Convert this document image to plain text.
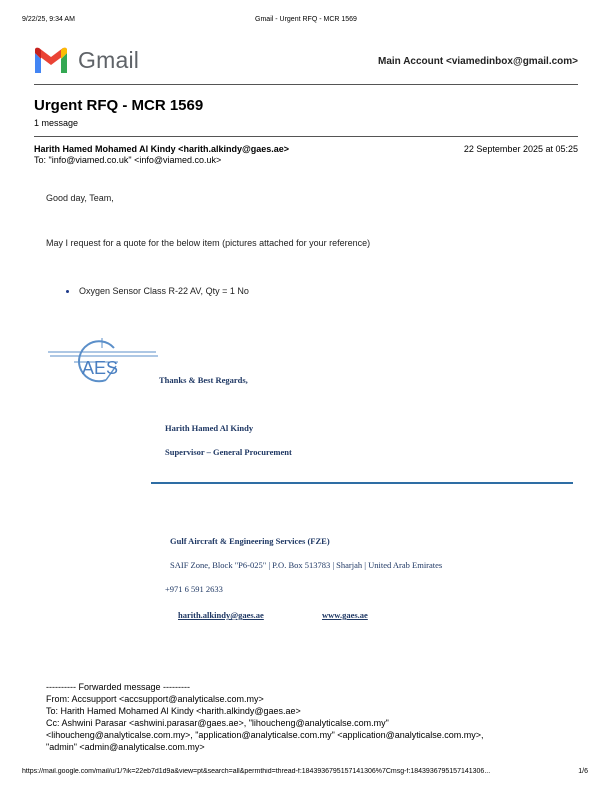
9/22/25, 9:34 AM	Gmail - Urgent RFQ - MCR 1569
Gmail	Main Account <viamedinbox@gmail.com>
Urgent RFQ - MCR 1569
1 message
Harith Hamed Mohamed Al Kindy <harith.alkindy@gaes.ae>	22 September 2025 at 05:25
To: "info@viamed.co.uk" <info@viamed.co.uk>
Good day, Team,
May I request for a quote for the below item (pictures attached for your reference)
Oxygen Sensor Class R-22 AV, Qty = 1 No
AES
Thanks & Best Regards,
Harith Hamed Al Kindy
Supervisor – General Procurement
Gulf Aircraft & Engineering Services (FZE)
SAIF Zone, Block "P6-025" | P.O. Box 513783 | Sharjah | United Arab Emirates
+971 6 591 2633
harith.alkindy@gaes.ae	www.gaes.ae
---------- Forwarded message ---------
From: Accsupport <accsupport@analyticalse.com.my>
To: Harith Hamed Mohamed Al Kindy <harith.alkindy@gaes.ae>
Cc: Ashwini Parasar <ashwini.parasar@gaes.ae>, "lihoucheng@analyticalse.com.my"
<lihoucheng@analyticalse.com.my>, "application@analyticalse.com.my" <application@analyticalse.com.my>,
"admin" <admin@analyticalse.com.my>
https://mail.google.com/mail/u/1/?ik=22eb7d1d9a&view=pt&search=all&permthid=thread-f:1843936795157141306%7Cmsg-f:1843936795157141306...	1/6
